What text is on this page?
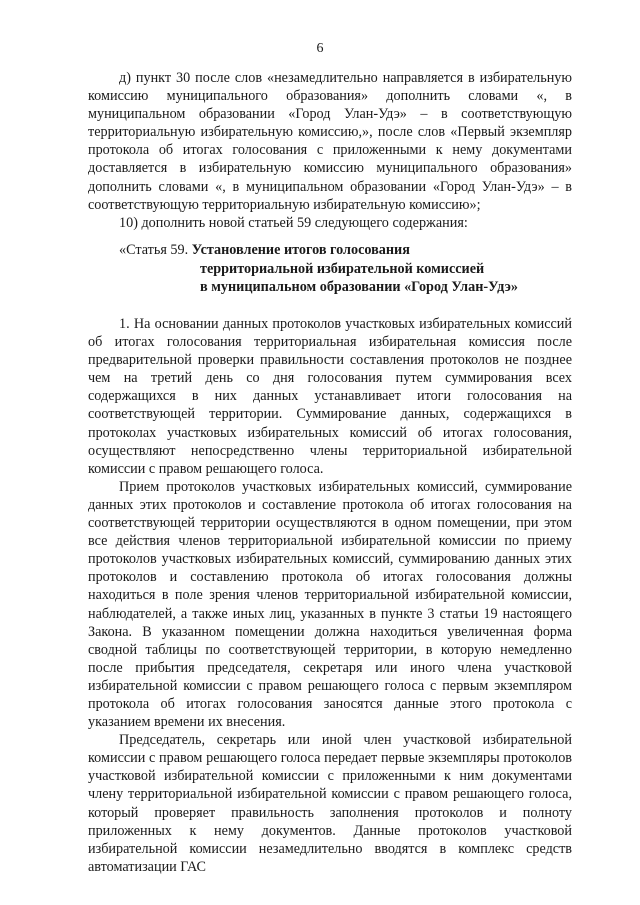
6

д) пункт 30 после слов «незамедлительно направляется в избирательную комиссию муниципального образования» дополнить словами «, в муниципальном образовании «Город Улан-Удэ» – в соответствующую территориальную избирательную комиссию,», после слов «Первый экземпляр протокола об итогах голосования с приложенными к нему документами доставляется в избирательную комиссию муниципального образования» дополнить словами «, в муниципальном образовании «Город Улан-Удэ» – в соответствующую территориальную избирательную комиссию»;

10) дополнить новой статьей 59 следующего содержания:

«Статья 59. Установление итогов голосования
территориальной избирательной комиссией
в муниципальном образовании «Город Улан-Удэ»

1. На основании данных протоколов участковых избирательных комиссий об итогах голосования территориальная избирательная комиссия после предварительной проверки правильности составления протоколов не позднее чем на третий день со дня голосования путем суммирования всех содержащихся в них данных устанавливает итоги голосования на соответствующей территории. Суммирование данных, содержащихся в протоколах участковых избирательных комиссий об итогах голосования, осуществляют непосредственно члены территориальной избирательной комиссии с правом решающего голоса.

Прием протоколов участковых избирательных комиссий, суммирование данных этих протоколов и составление протокола об итогах голосования на соответствующей территории осуществляются в одном помещении, при этом все действия членов территориальной избирательной комиссии по приему протоколов участковых избирательных комиссий, суммированию данных этих протоколов и составлению протокола об итогах голосования должны находиться в поле зрения членов территориальной избирательной комиссии, наблюдателей, а также иных лиц, указанных в пункте 3 статьи 19 настоящего Закона. В указанном помещении должна находиться увеличенная форма сводной таблицы по соответствующей территории, в которую немедленно после прибытия председателя, секретаря или иного члена участковой избирательной комиссии с правом решающего голоса с первым экземпляром протокола об итогах голосования заносятся данные этого протокола с указанием времени их внесения.

Председатель, секретарь или иной член участковой избирательной комиссии с правом решающего голоса передает первые экземпляры протоколов участковой избирательной комиссии с приложенными к ним документами члену территориальной избирательной комиссии с правом решающего голоса, который проверяет правильность заполнения протоколов и полноту приложенных к нему документов. Данные протоколов участковой избирательной комиссии незамедлительно вводятся в комплекс средств автоматизации ГАС
